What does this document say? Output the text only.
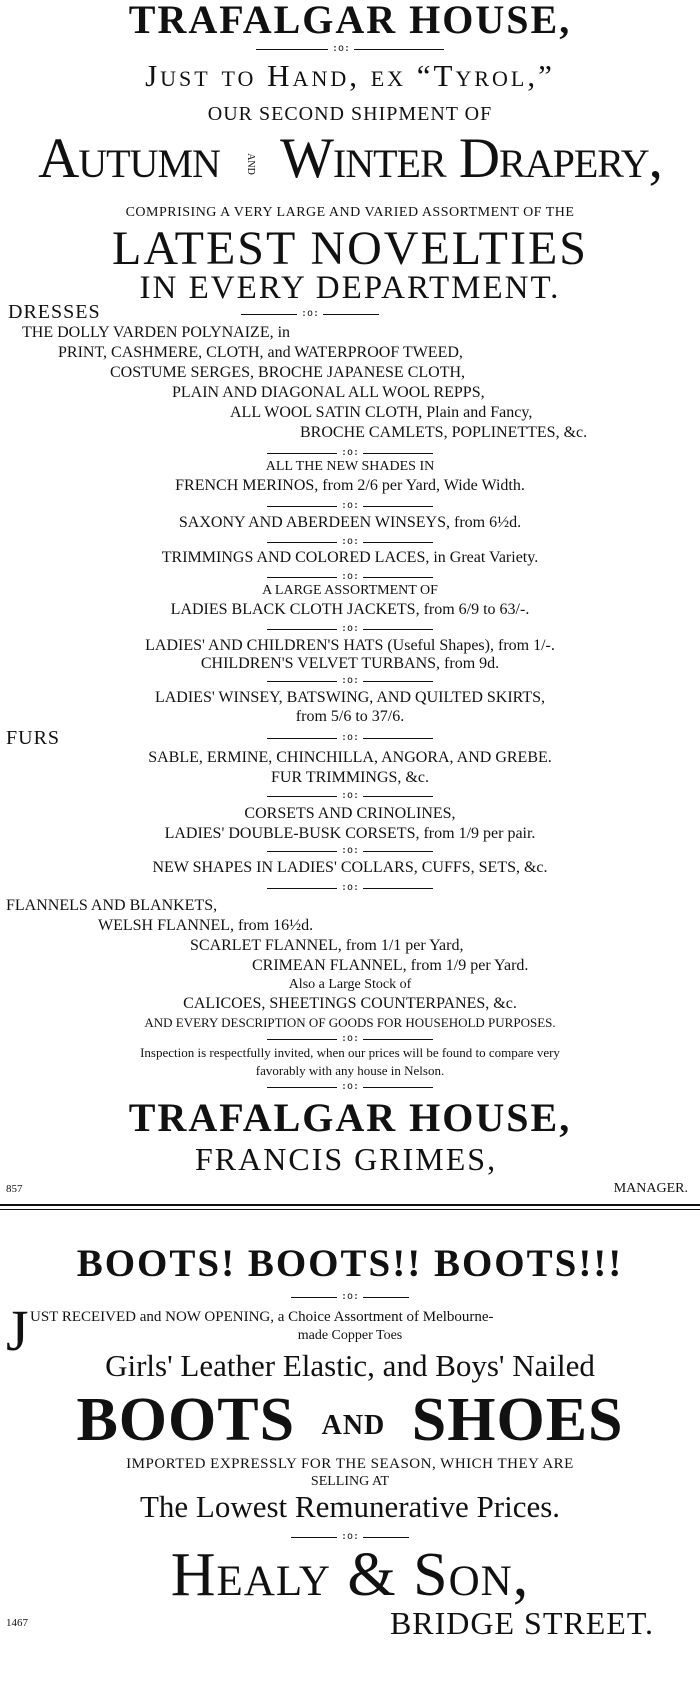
TRAFALGAR HOUSE,
:o:
Just to Hand, ex “Tyrol,”
OUR SECOND SHIPMENT OF
Autumn	AND Winter Drapery,
COMPRISING A VERY LARGE AND VARIED ASSORTMENT OF THE
LATEST NOVELTIES
IN EVERY DEPARTMENT.
DRESSES	:o:
THE DOLLY VARDEN POLYNAIZE, in
PRINT, CASHMERE, CLOTH, and WATERPROOF TWEED,
COSTUME SERGES, BROCHE JAPANESE CLOTH,
PLAIN AND DIAGONAL ALL WOOL REPPS,
ALL WOOL SATIN CLOTH, Plain and Fancy,
BROCHE CAMLETS, POPLINETTES, &c.
:o:
ALL THE NEW SHADES IN
FRENCH MERINOS, from 2/6 per Yard, Wide Width.
:o:
SAXONY AND ABERDEEN WINSEYS, from 6½d.
:o:
TRIMMINGS AND COLORED LACES, in Great Variety.
:o:
A LARGE ASSORTMENT OF
LADIES BLACK CLOTH JACKETS, from 6/9 to 63/-.
:o:
LADIES' AND CHILDREN'S HATS (Useful Shapes), from 1/-.
CHILDREN'S VELVET TURBANS, from 9d.
:o:
LADIES' WINSEY, BATSWING, AND QUILTED SKIRTS,
from 5/6 to 37/6.
FURS	:o:
SABLE, ERMINE, CHINCHILLA, ANGORA, AND GREBE.
FUR TRIMMINGS, &c.
:o:
CORSETS AND CRINOLINES,
LADIES' DOUBLE-BUSK CORSETS, from 1/9 per pair.
:o:
NEW SHAPES IN LADIES' COLLARS, CUFFS, SETS, &c.
:o:
FLANNELS AND BLANKETS,
WELSH FLANNEL, from 16½d.
SCARLET FLANNEL, from 1/1 per Yard,
CRIMEAN FLANNEL, from 1/9 per Yard.
Also a Large Stock of
CALICOES, SHEETINGS COUNTERPANES, &c.
AND EVERY DESCRIPTION OF GOODS FOR HOUSEHOLD PURPOSES.
:o:
Inspection is respectfully invited, when our prices will be found to compare very
favorably with any house in Nelson.
:o:
TRAFALGAR HOUSE,
FRANCIS GRIMES,
857	MANAGER.
BOOTS! BOOTS!! BOOTS!!!
:o:
J UST RECEIVED and NOW OPENING, a Choice Assortment of Melbourne-
made Copper Toes
Girls' Leather Elastic, and Boys' Nailed
BOOTS AND SHOES
IMPORTED EXPRESSLY FOR THE SEASON, WHICH THEY ARE
SELLING AT
The Lowest Remunerative Prices.
:o:
Healy & Son,
BRIDGE STREET.
1467
